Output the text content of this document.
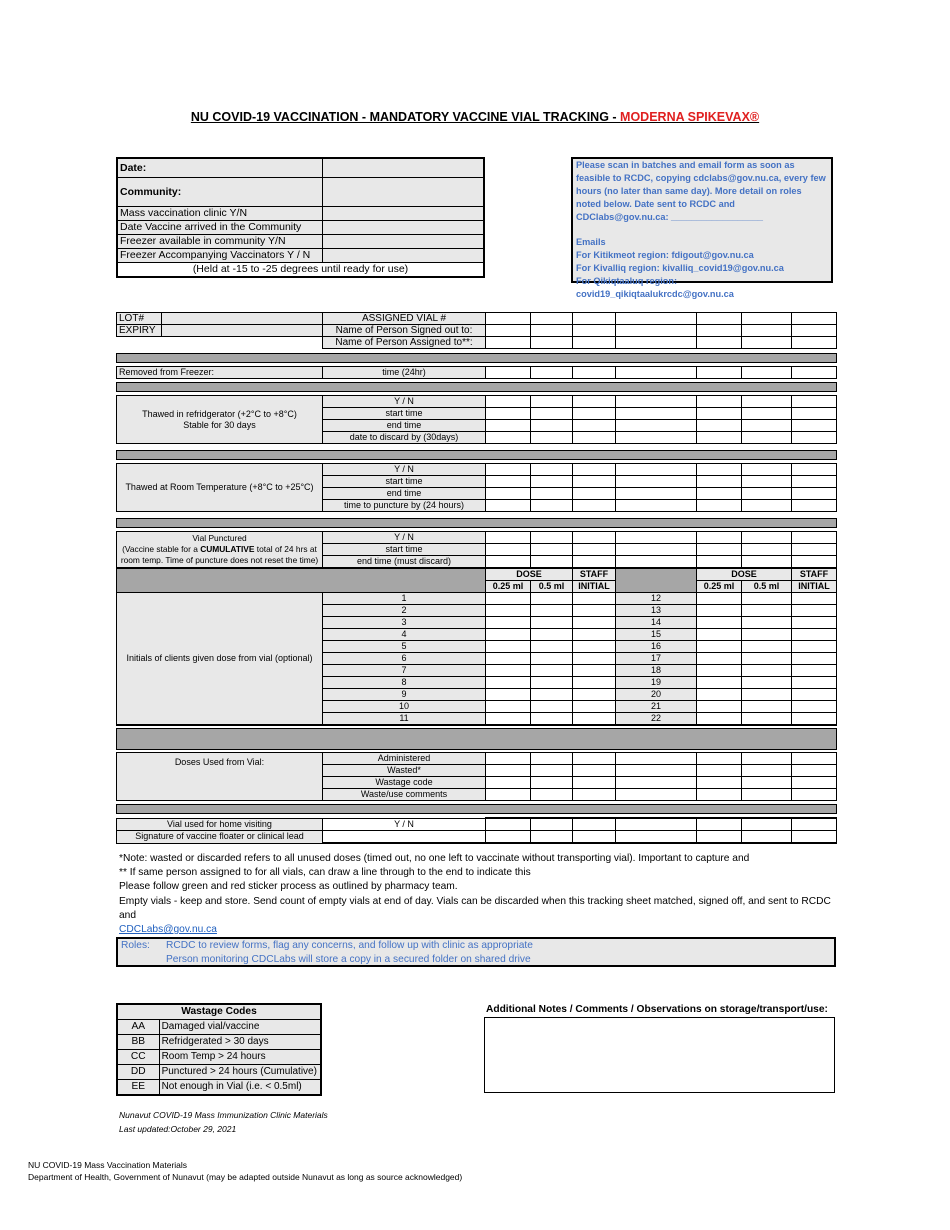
NU COVID-19 VACCINATION - MANDATORY VACCINE VIAL TRACKING - MODERNA SPIKEVAX®
Date:	
Community:	
Mass vaccination clinic Y/N	
Date Vaccine arrived in the Community	
Freezer available in community Y/N	
Freezer Accompanying Vaccinators Y / N	
(Held at -15 to -25 degrees until ready for use)	
Please scan in batches and email form as soon as feasible to RCDC, copying cdclabs@gov.nu.ca, every few hours (no later than same day). More detail on roles noted below. Date sent to RCDC and CDClabs@gov.nu.ca: __________________
Emails
For Kitikmeot region: fdigout@gov.nu.ca
For Kivalliq region: kivalliq_covid19@gov.nu.ca
For Qikiqtaaluq region: covid19_qikiqtaalukrcdc@gov.nu.ca
LOT#		ASSIGNED VIAL #							
EXPIRY		Name of Person Signed out to:							
		Name of Person Assigned to**:							

Removed from Freezer:		time (24hr)							

Thawed in refridgerator (+2°C to +8°C)
Stable for 30 days		Y / N							
		start time							
		end time							
		date to discard by (30days)							

Thawed at Room Temperature (+8°C to +25°C)		Y / N							
		start time							
		end time							
		time to puncture by (24 hours)							

Vial Punctured
(Vaccine stable for a CUMULATIVE total of 24 hrs at room temp. Time of puncture does not reset the time)		Y / N							
		start time							
		end time (must discard)							
			DOSE		STAFF		DOSE		STAFF
			0.25 ml	0.5 ml	INITIAL		0.25 ml	0.5 ml	INITIAL
Initials of clients given dose from vial (optional)		1				12			
		2				13			
		3				14			
		4				15			
		5				16			
		6				17			
		7				18			
		8				19			
		9				20			
		10				21			
		11				22			

Doses Used from Vial:		Administered							
		Wasted*							
		Wastage code							
		Waste/use comments							

Vial used for home visiting		Y / N							
Signature of vaccine floater or clinical lead									
*Note: wasted or discarded refers to all unused doses (timed out, no one left to vaccinate without transporting vial). Important to capture and
** If same person assigned to for all vials, can draw a line through to the end to indicate this
Please follow green and red sticker process as outlined by pharmacy team.
Empty vials - keep and store. Send count of empty vials at end of day. Vials can be discarded when this tracking sheet matched, signed off, and sent to RCDC and
CDCLabs@gov.nu.ca
Roles:	RCDC to review forms, flag any concerns, and follow up with clinic as appropriate
Person monitoring CDCLabs will store a copy in a secured folder on shared drive
Wastage Codes	
AA	Damaged vial/vaccine
BB	Refridgerated > 30 days
CC	Room Temp > 24 hours
DD	Punctured > 24 hours (Cumulative)
EE	Not enough in Vial (i.e. < 0.5ml)
Additional Notes / Comments / Observations on storage/transport/use:
Nunavut COVID-19 Mass Immunization Clinic Materials
Last updated:October 29, 2021
NU COVID-19 Mass Vaccination Materials
Department of Health, Government of Nunavut (may be adapted outside Nunavut as long as source acknowledged)
